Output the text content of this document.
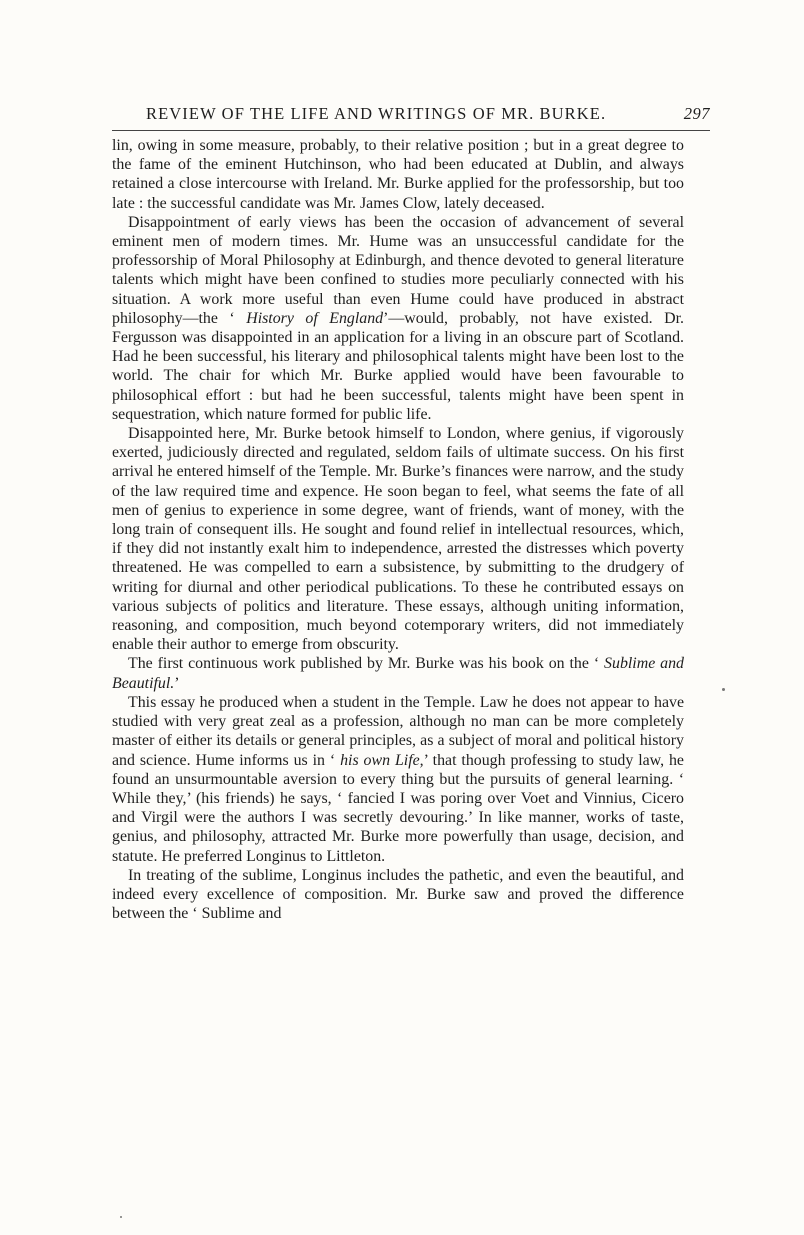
REVIEW OF THE LIFE AND WRITINGS OF MR. BURKE.	297

lin, owing in some measure, probably, to their relative position ; but in a great degree to the fame of the eminent Hutchinson, who had been educated at Dublin, and always retained a close intercourse with Ireland. Mr. Burke applied for the professorship, but too late : the successful candidate was Mr. James Clow, lately deceased.

Disappointment of early views has been the occasion of advancement of several eminent men of modern times. Mr. Hume was an unsuccessful candidate for the professorship of Moral Philosophy at Edinburgh, and thence devoted to general literature talents which might have been confined to studies more peculiarly connected with his situation. A work more useful than even Hume could have produced in abstract philosophy—the ‘ History of England’—would, probably, not have existed. Dr. Fergusson was disappointed in an application for a living in an obscure part of Scotland. Had he been successful, his literary and philosophical talents might have been lost to the world. The chair for which Mr. Burke applied would have been favourable to philosophical effort : but had he been successful, talents might have been spent in sequestration, which nature formed for public life.

Disappointed here, Mr. Burke betook himself to London, where genius, if vigorously exerted, judiciously directed and regulated, seldom fails of ultimate success. On his first arrival he entered himself of the Temple. Mr. Burke’s finances were narrow, and the study of the law required time and expence. He soon began to feel, what seems the fate of all men of genius to experience in some degree, want of friends, want of money, with the long train of consequent ills. He sought and found relief in intellectual resources, which, if they did not instantly exalt him to independence, arrested the distresses which poverty threatened. He was compelled to earn a subsistence, by submitting to the drudgery of writing for diurnal and other periodical publications. To these he contributed essays on various subjects of politics and literature. These essays, although uniting information, reasoning, and composition, much beyond cotemporary writers, did not immediately enable their author to emerge from obscurity.

The first continuous work published by Mr. Burke was his book on the ‘ Sublime and Beautiful.’

This essay he produced when a student in the Temple. Law he does not appear to have studied with very great zeal as a profession, although no man can be more completely master of either its details or general principles, as a subject of moral and political history and science. Hume informs us in ‘ his own Life,’ that though professing to study law, he found an unsurmountable aversion to every thing but the pursuits of general learning. ‘ While they,’ (his friends) he says, ‘ fancied I was poring over Voet and Vinnius, Cicero and Virgil were the authors I was secretly devouring.’ In like manner, works of taste, genius, and philosophy, attracted Mr. Burke more powerfully than usage, decision, and statute. He preferred Longinus to Littleton.

In treating of the sublime, Longinus includes the pathetic, and even the beautiful, and indeed every excellence of composition. Mr. Burke saw and proved the difference between the ‘ Sublime and
